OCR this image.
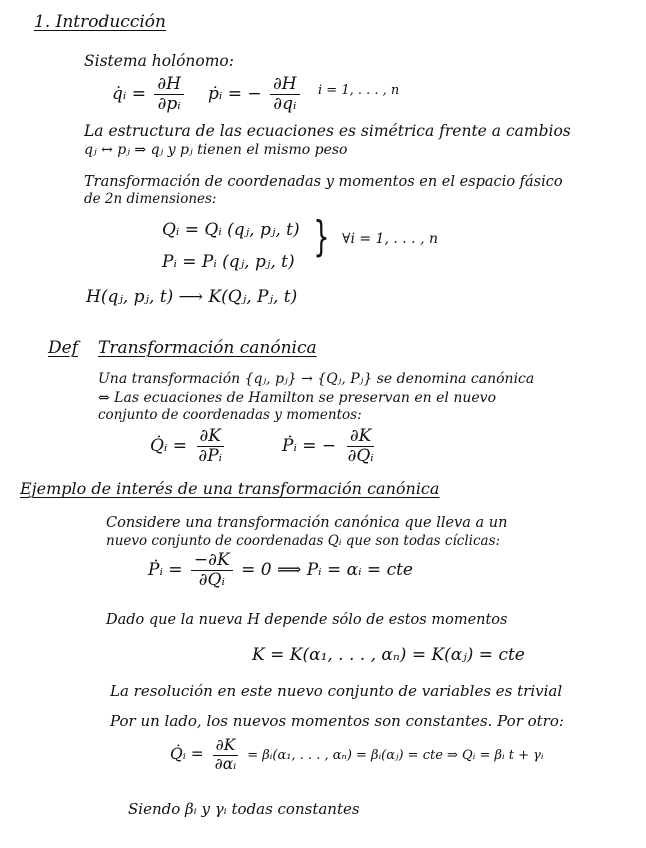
1. Introducción
Sistema holónomo:
q̇ᵢ = $\frac{\partial H}{\text{∂pᵢ}}$ ṗᵢ = − $\frac{\partial H}{\text{∂qᵢ}}$ i = 1, . . . , n
La estructura de las ecuaciones es simétrica frente a cambios
qⱼ ↔ pⱼ ⇒ qⱼ y pⱼ tienen el mismo peso
Transformación de coordenadas y momentos en el espacio fásico
de 2n dimensiones:
Qᵢ = Qᵢ (qⱼ, pⱼ, t)
Pᵢ = Pᵢ (qⱼ, pⱼ, t)
} ∀i = 1, . . . , n
H(qⱼ, pⱼ, t) ⟶ K(Qⱼ, Pⱼ, t)
Def Transformación canónica
Una transformación {qⱼ, pⱼ} → {Qⱼ, Pⱼ} se denomina canónica
⇔ Las ecuaciones de Hamilton se preservan en el nuevo
conjunto de coordenadas y momentos:
Q̇ᵢ = $\frac{\partial K}{\text{∂Pᵢ}}$	Ṗᵢ = − $\frac{\partial K}{\text{∂Qᵢ}}$
Ejemplo de interés de una transformación canónica
Considere una transformación canónica que lleva a un
nuevo conjunto de coordenadas Qᵢ que son todas cíclicas:
Ṗᵢ = $\frac{-\partial K}{\text{∂Qᵢ}} = 0$ ⟹ Pᵢ = αᵢ = cte
Dado que la nueva H depende sólo de estos momentos
K = K(α₁, . . . , αₙ) = K(αⱼ) = cte
La resolución en este nuevo conjunto de variables es trivial
Por un lado, los nuevos momentos son constantes. Por otro:
Q̇ᵢ = $\frac{\partial K}{\text{∂αᵢ}}$ = βᵢ(α₁, . . . , αₙ) = βᵢ(αⱼ) = cte ⇒ Qᵢ = βᵢ t + γᵢ
Siendo βᵢ y γᵢ todas constantes
